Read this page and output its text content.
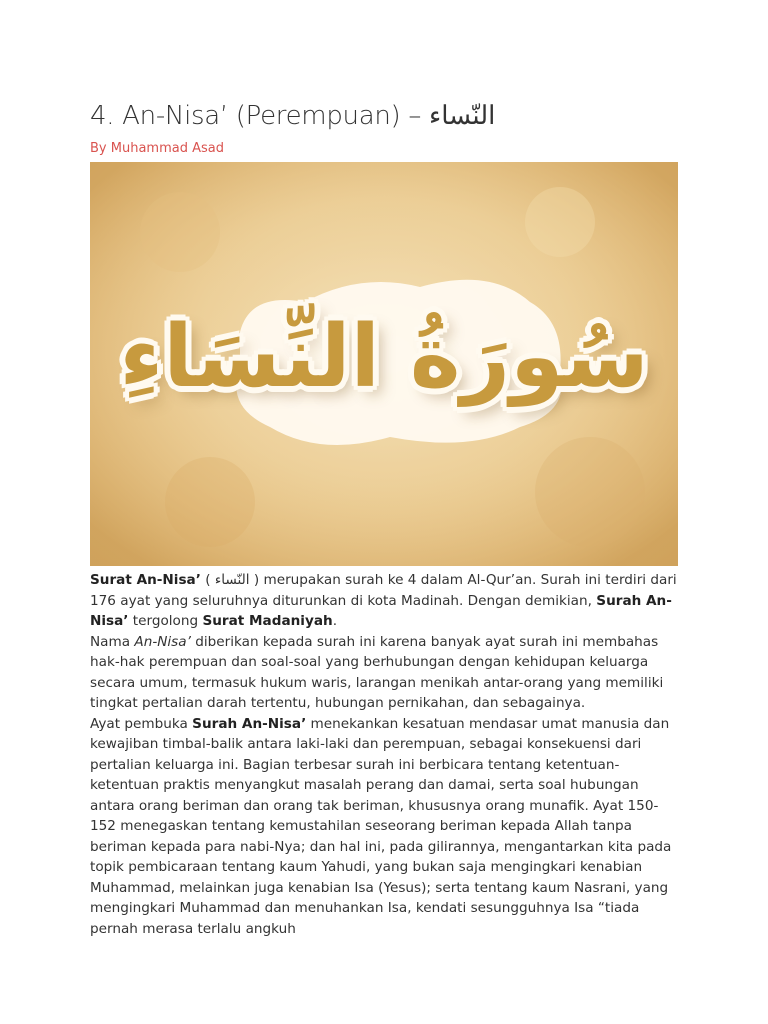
4. An-Nisa’ (Perempuan) – النّساء
By Muhammad Asad
سُورَةُ النِّسَاءِ

Surat An-Nisa’ ( النّساء ) merupakan surah ke 4 dalam Al-Qur’an. Surah ini terdiri dari 176 ayat yang seluruhnya diturunkan di kota Madinah. Dengan demikian, Surah An-Nisa’ tergolong Surat Madaniyah.

Nama An-Nisa’ diberikan kepada surah ini karena banyak ayat surah ini membahas hak-hak perempuan dan soal-soal yang berhubungan dengan kehidupan keluarga secara umum, termasuk hukum waris, larangan menikah antar-orang yang memiliki tingkat pertalian darah tertentu, hubungan pernikahan, dan sebagainya.

Ayat pembuka Surah An-Nisa’ menekankan kesatuan mendasar umat manusia dan kewajiban timbal-balik antara laki-laki dan perempuan, sebagai konsekuensi dari pertalian keluarga ini. Bagian terbesar surah ini berbicara tentang ketentuan-ketentuan praktis menyangkut masalah perang dan damai, serta soal hubungan antara orang beriman dan orang tak beriman, khususnya orang munafik. Ayat 150-152 menegaskan tentang kemustahilan seseorang beriman kepada Allah tanpa beriman kepada para nabi-Nya; dan hal ini, pada gilirannya, mengantarkan kita pada topik pembicaraan tentang kaum Yahudi, yang bukan saja mengingkari kenabian Muhammad, melainkan juga kenabian Isa (Yesus); serta tentang kaum Nasrani, yang mengingkari Muhammad dan menuhankan Isa, kendati sesungguhnya Isa “tiada pernah merasa terlalu angkuh
